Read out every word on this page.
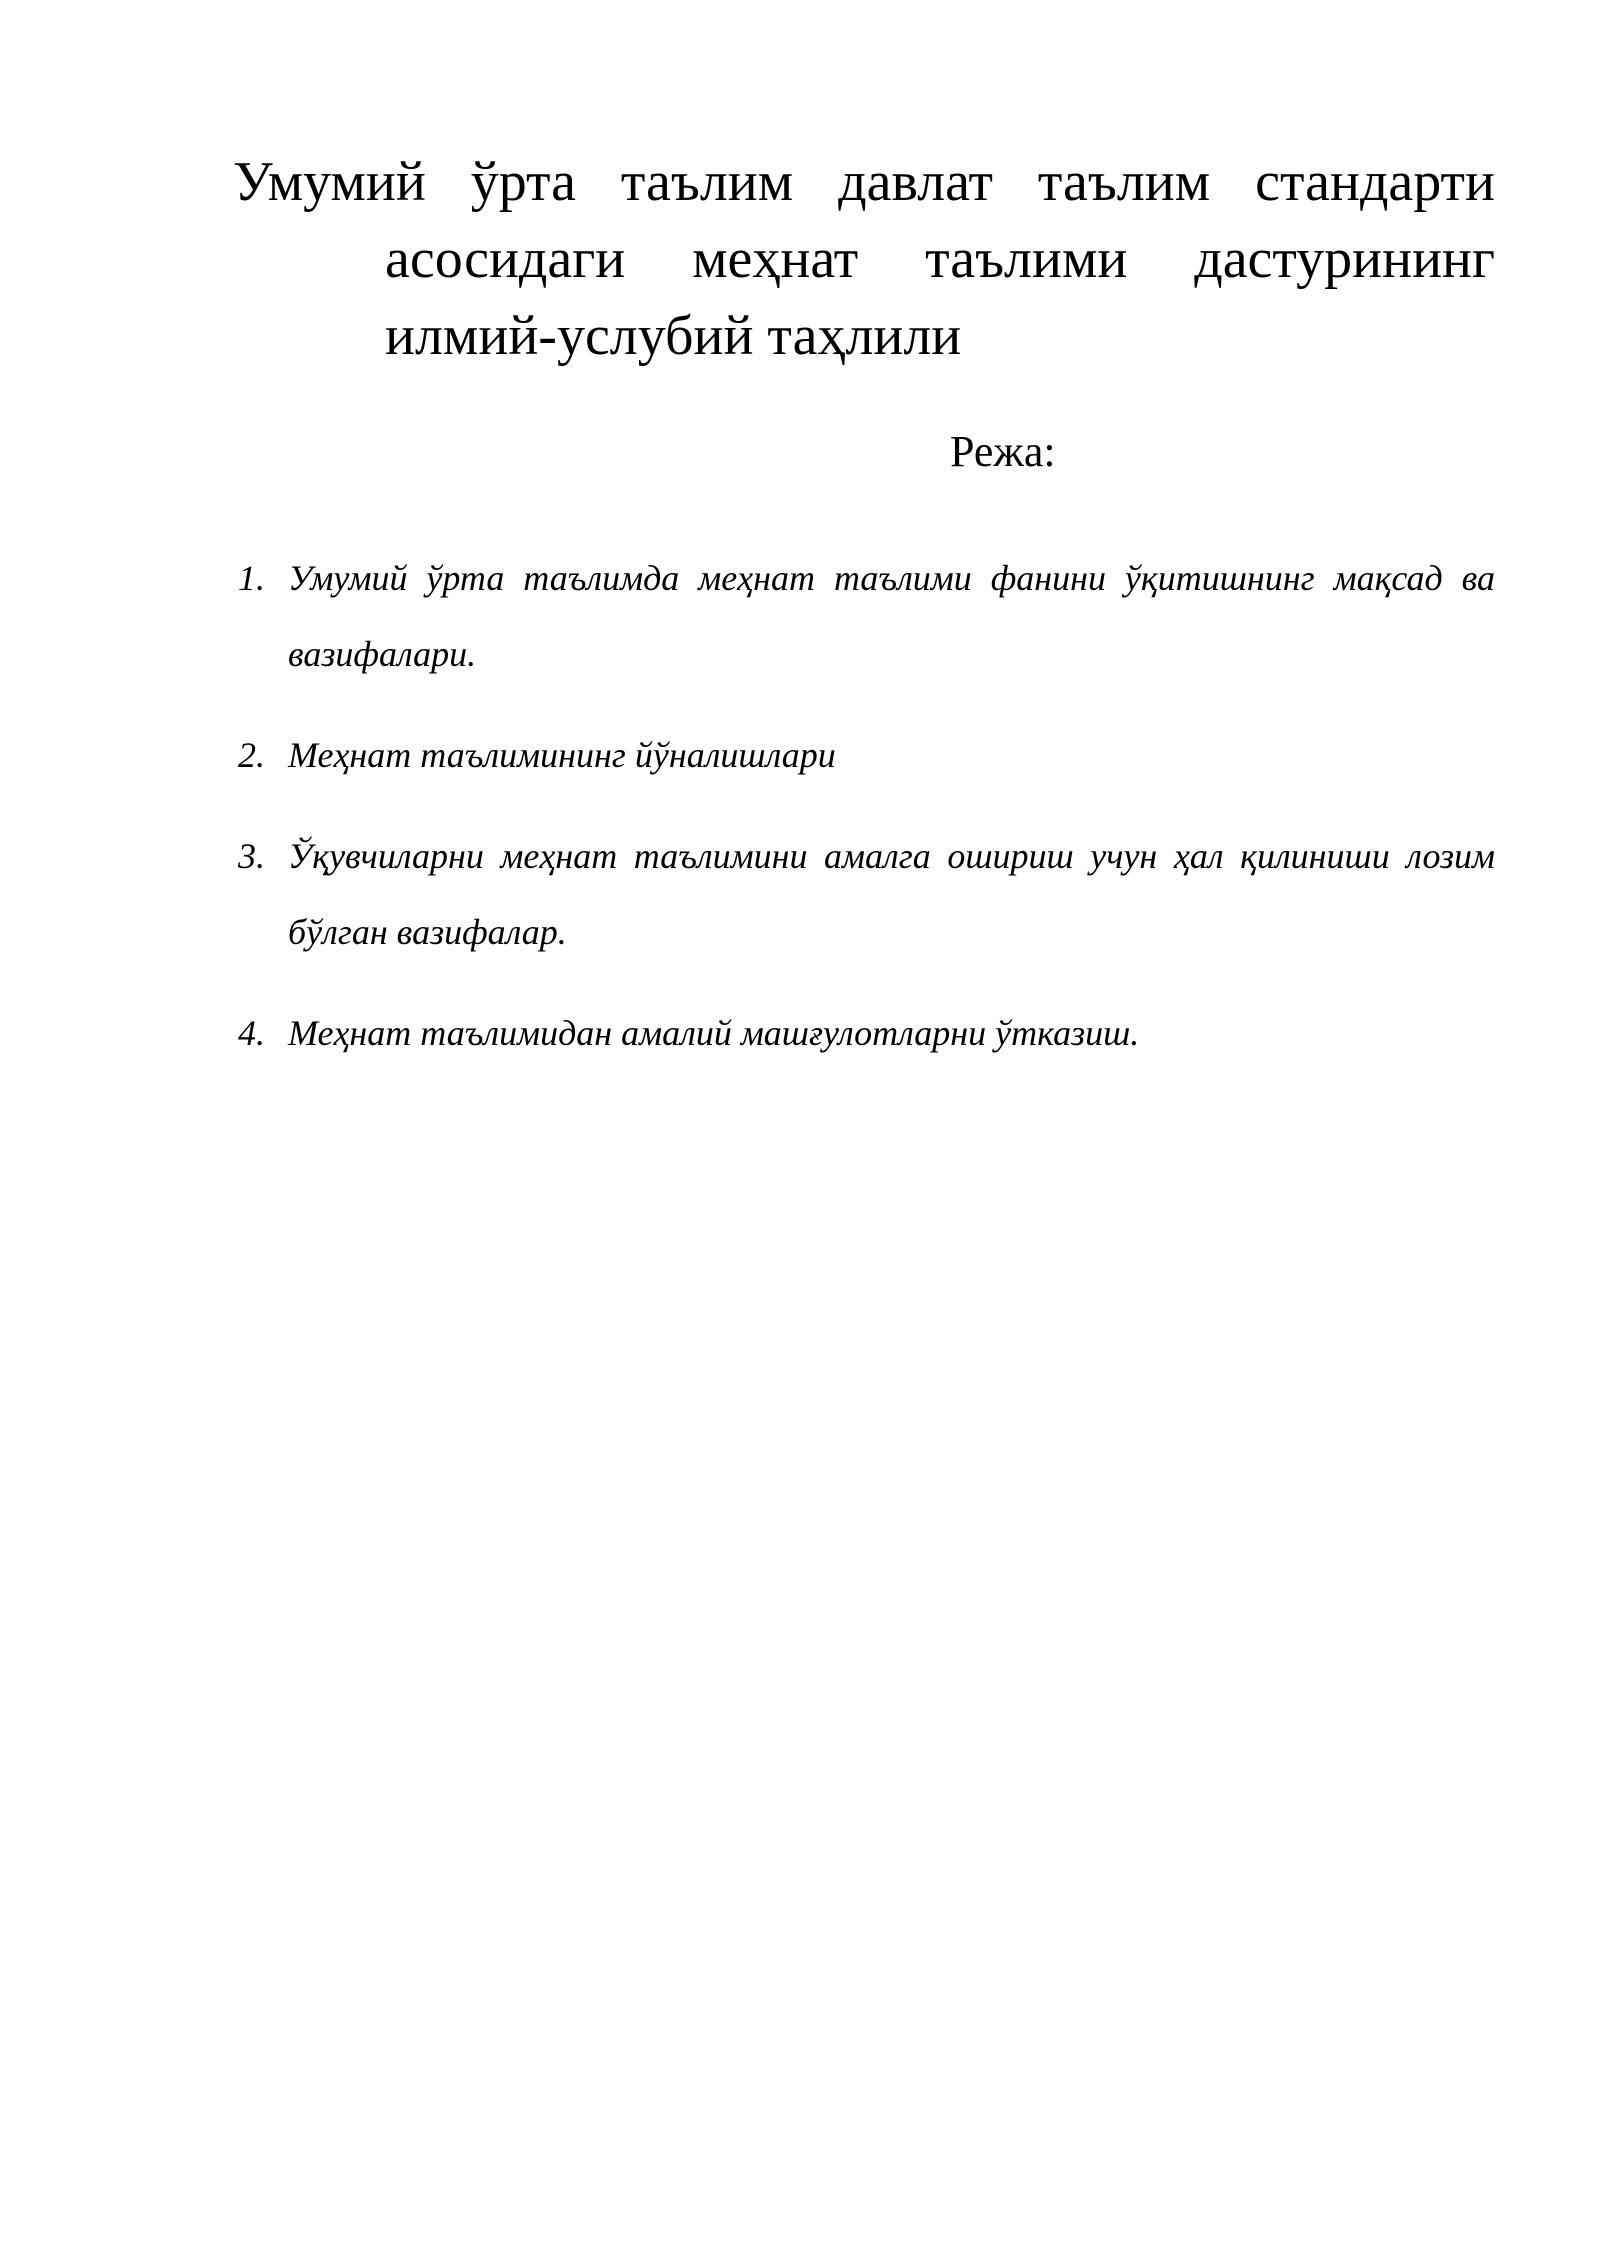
Умумий ўрта таълим давлат таълим стандарти
асосидаги меҳнат таълими дастурининг
илмий-услубий таҳлили
Режа:
1. Умумий ўрта таълимда меҳнат таълими фанини ўқитишнинг мақсад ва вазифалари.
2. Меҳнат таълимининг йўналишлари
3. Ўқувчиларни меҳнат таълимини амалга ошириш учун ҳал қилиниши лозим бўлган вазифалар.
4. Меҳнат таълимидан амалий машғулотларни ўтказиш.
